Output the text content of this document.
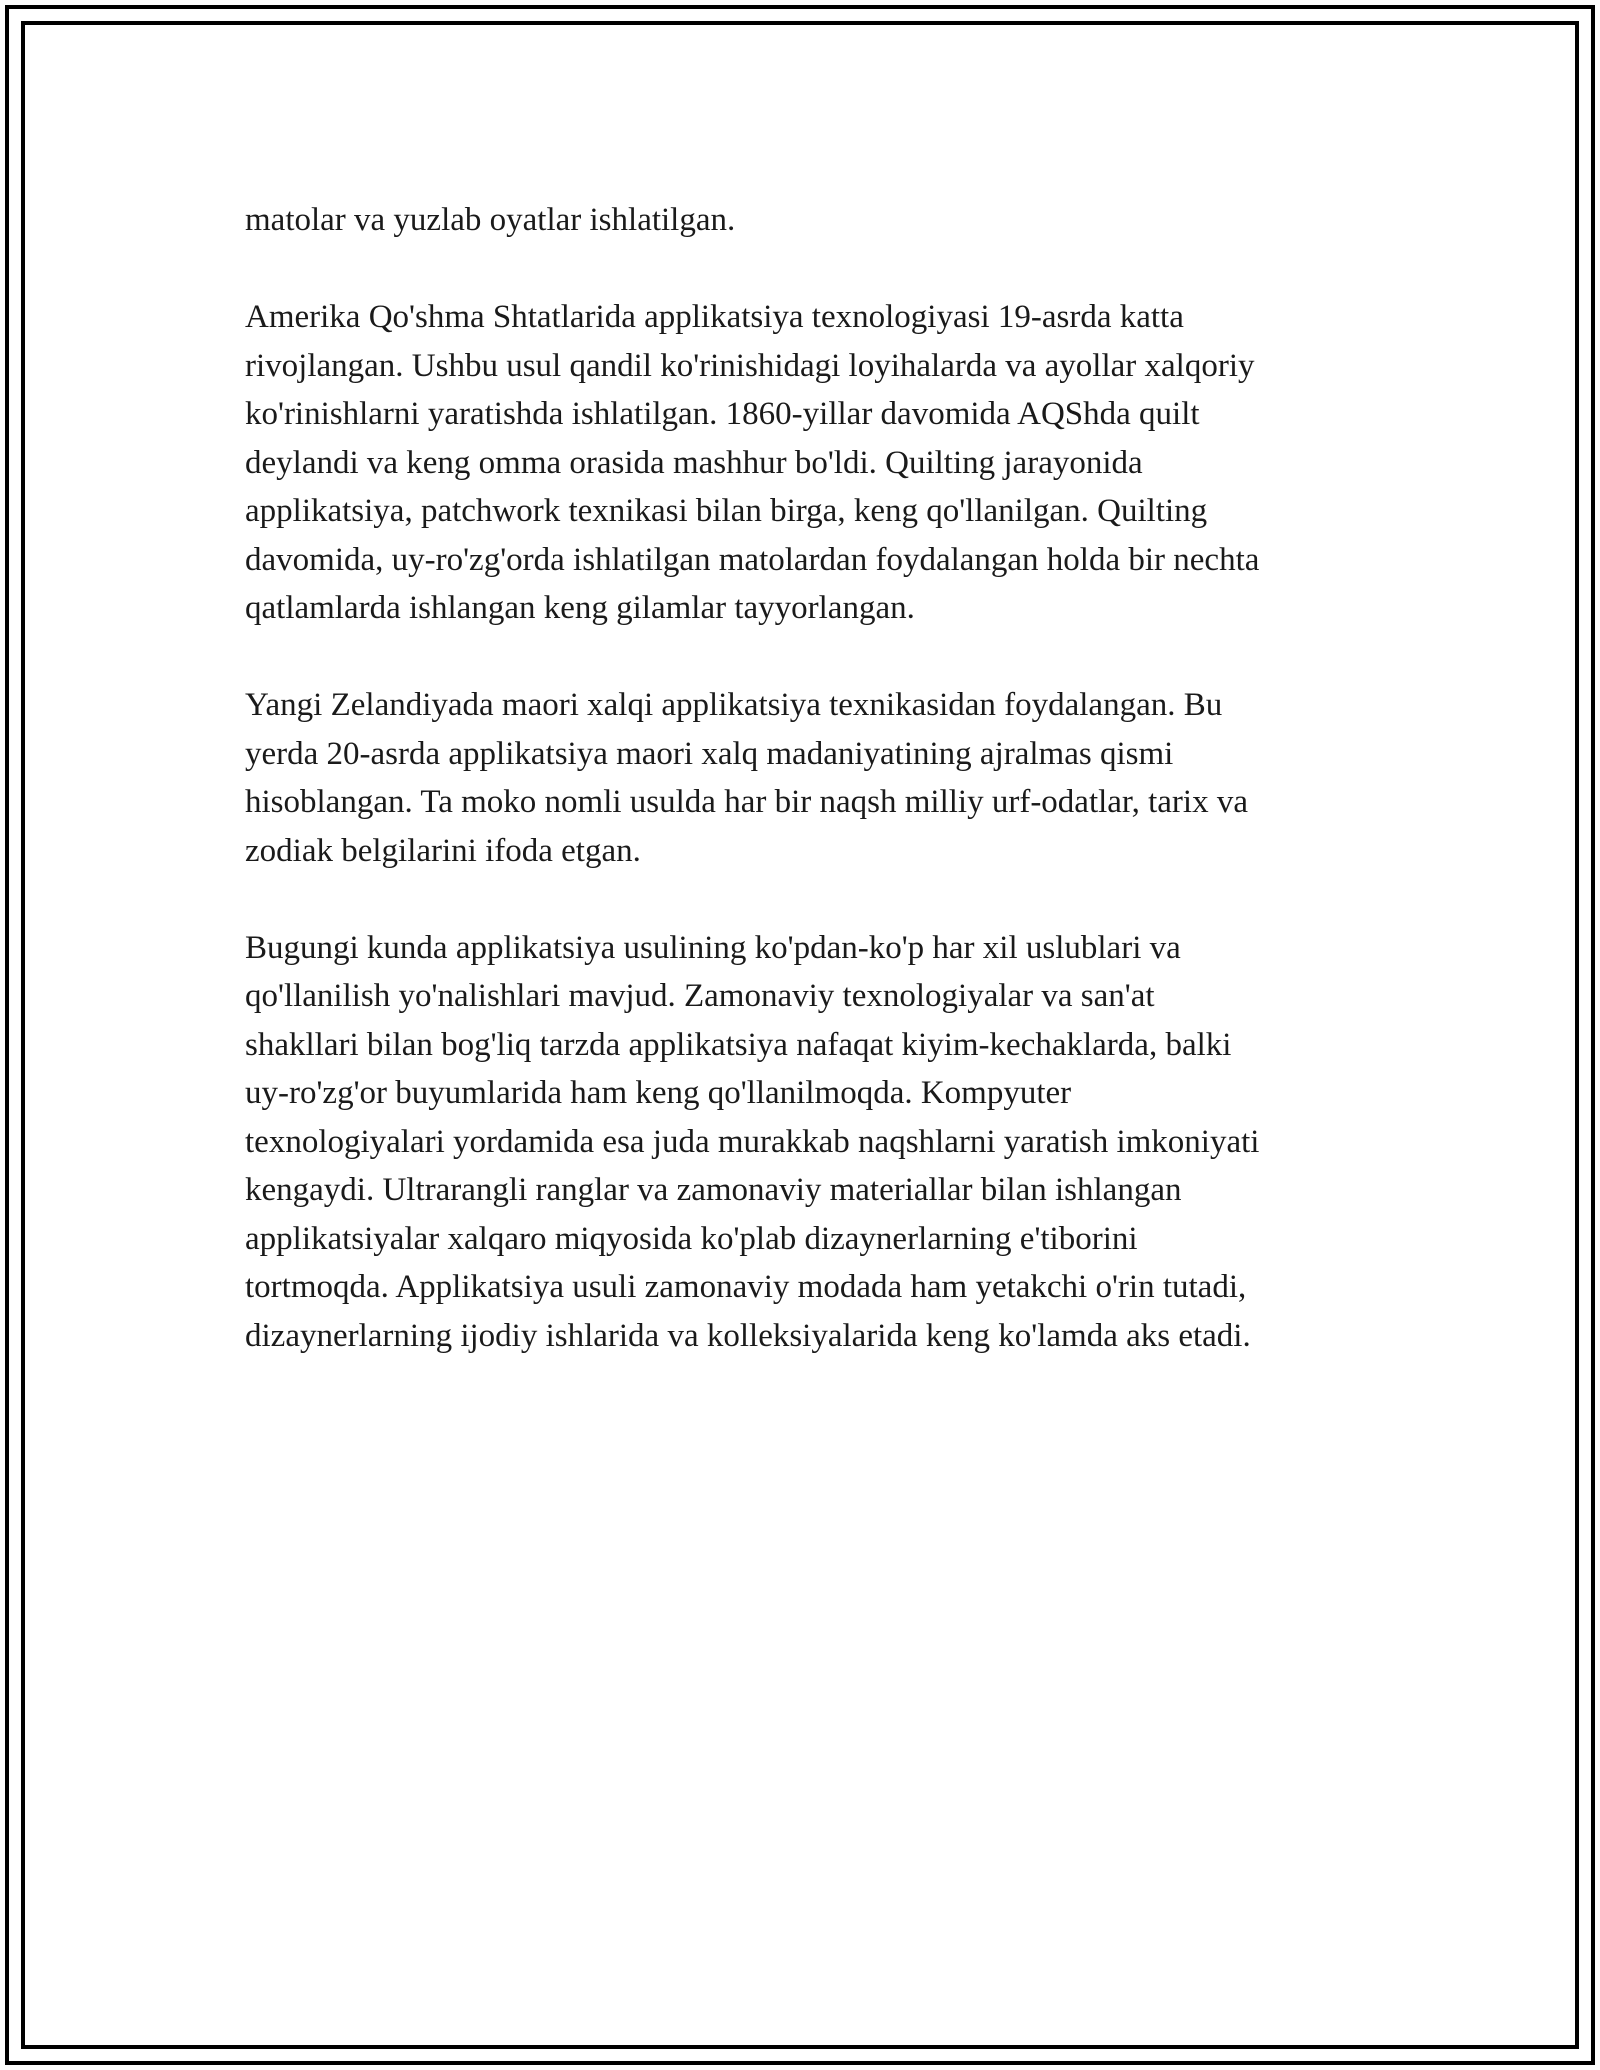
matolar va yuzlab oyatlar ishlatilgan.

Amerika Qo'shma Shtatlarida applikatsiya texnologiyasi 19-asrda katta
rivojlangan. Ushbu usul qandil ko'rinishidagi loyihalarda va ayollar xalqoriy
ko'rinishlarni yaratishda ishlatilgan. 1860-yillar davomida AQShda quilt
deylandi va keng omma orasida mashhur bo'ldi. Quilting jarayonida
applikatsiya, patchwork texnikasi bilan birga, keng qo'llanilgan. Quilting
davomida, uy-ro'zg'orda ishlatilgan matolardan foydalangan holda bir nechta
qatlamlarda ishlangan keng gilamlar tayyorlangan.

Yangi Zelandiyada maori xalqi applikatsiya texnikasidan foydalangan. Bu
yerda 20-asrda applikatsiya maori xalq madaniyatining ajralmas qismi
hisoblangan. Ta moko nomli usulda har bir naqsh milliy urf-odatlar, tarix va
zodiak belgilarini ifoda etgan.

Bugungi kunda applikatsiya usulining ko'pdan-ko'p har xil uslublari va
qo'llanilish yo'nalishlari mavjud. Zamonaviy texnologiyalar va san'at
shakllari bilan bog'liq tarzda applikatsiya nafaqat kiyim-kechaklarda, balki
uy-ro'zg'or buyumlarida ham keng qo'llanilmoqda. Kompyuter
texnologiyalari yordamida esa juda murakkab naqshlarni yaratish imkoniyati
kengaydi. Ultrarangli ranglar va zamonaviy materiallar bilan ishlangan
applikatsiyalar xalqaro miqyosida ko'plab dizaynerlarning e'tiborini
tortmoqda. Applikatsiya usuli zamonaviy modada ham yetakchi o'rin tutadi,
dizaynerlarning ijodiy ishlarida va kolleksiyalarida keng ko'lamda aks etadi.
